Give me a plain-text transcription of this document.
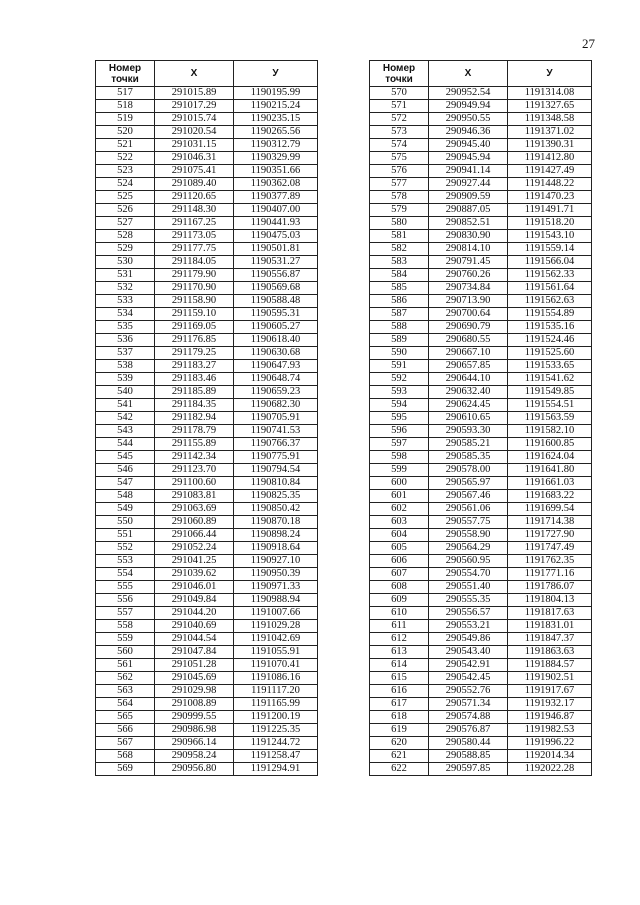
27
Номер
точки	Х	У
517	291015.89	1190195.99
518	291017.29	1190215.24
519	291015.74	1190235.15
520	291020.54	1190265.56
521	291031.15	1190312.79
522	291046.31	1190329.99
523	291075.41	1190351.66
524	291089.40	1190362.08
525	291120.65	1190377.89
526	291148.30	1190407.00
527	291167.25	1190441.93
528	291173.05	1190475.03
529	291177.75	1190501.81
530	291184.05	1190531.27
531	291179.90	1190556.87
532	291170.90	1190569.68
533	291158.90	1190588.48
534	291159.10	1190595.31
535	291169.05	1190605.27
536	291176.85	1190618.40
537	291179.25	1190630.68
538	291183.27	1190647.93
539	291183.46	1190648.74
540	291185.89	1190659.23
541	291184.35	1190682.30
542	291182.94	1190705.91
543	291178.79	1190741.53
544	291155.89	1190766.37
545	291142.34	1190775.91
546	291123.70	1190794.54
547	291100.60	1190810.84
548	291083.81	1190825.35
549	291063.69	1190850.42
550	291060.89	1190870.18
551	291066.44	1190898.24
552	291052.24	1190918.64
553	291041.25	1190927.10
554	291039.62	1190950.39
555	291046.01	1190971.33
556	291049.84	1190988.94
557	291044.20	1191007.66
558	291040.69	1191029.28
559	291044.54	1191042.69
560	291047.84	1191055.91
561	291051.28	1191070.41
562	291045.69	1191086.16
563	291029.98	1191117.20
564	291008.89	1191165.99
565	290999.55	1191200.19
566	290986.98	1191225.35
567	290966.14	1191244.72
568	290958.24	1191258.47
569	290956.80	1191294.91
Номер
точки	Х	У
570	290952.54	1191314.08
571	290949.94	1191327.65
572	290950.55	1191348.58
573	290946.36	1191371.02
574	290945.40	1191390.31
575	290945.94	1191412.80
576	290941.14	1191427.49
577	290927.44	1191448.22
578	290909.59	1191470.23
579	290887.05	1191491.71
580	290852.51	1191518.20
581	290830.90	1191543.10
582	290814.10	1191559.14
583	290791.45	1191566.04
584	290760.26	1191562.33
585	290734.84	1191561.64
586	290713.90	1191562.63
587	290700.64	1191554.89
588	290690.79	1191535.16
589	290680.55	1191524.46
590	290667.10	1191525.60
591	290657.85	1191533.65
592	290644.10	1191541.62
593	290632.40	1191549.85
594	290624.45	1191554.51
595	290610.65	1191563.59
596	290593.30	1191582.10
597	290585.21	1191600.85
598	290585.35	1191624.04
599	290578.00	1191641.80
600	290565.97	1191661.03
601	290567.46	1191683.22
602	290561.06	1191699.54
603	290557.75	1191714.38
604	290558.90	1191727.90
605	290564.29	1191747.49
606	290560.95	1191762.35
607	290554.70	1191771.16
608	290551.40	1191786.07
609	290555.35	1191804.13
610	290556.57	1191817.63
611	290553.21	1191831.01
612	290549.86	1191847.37
613	290543.40	1191863.63
614	290542.91	1191884.57
615	290542.45	1191902.51
616	290552.76	1191917.67
617	290571.34	1191932.17
618	290574.88	1191946.87
619	290576.87	1191982.53
620	290580.44	1191996.22
621	290588.85	1192014.34
622	290597.85	1192022.28
